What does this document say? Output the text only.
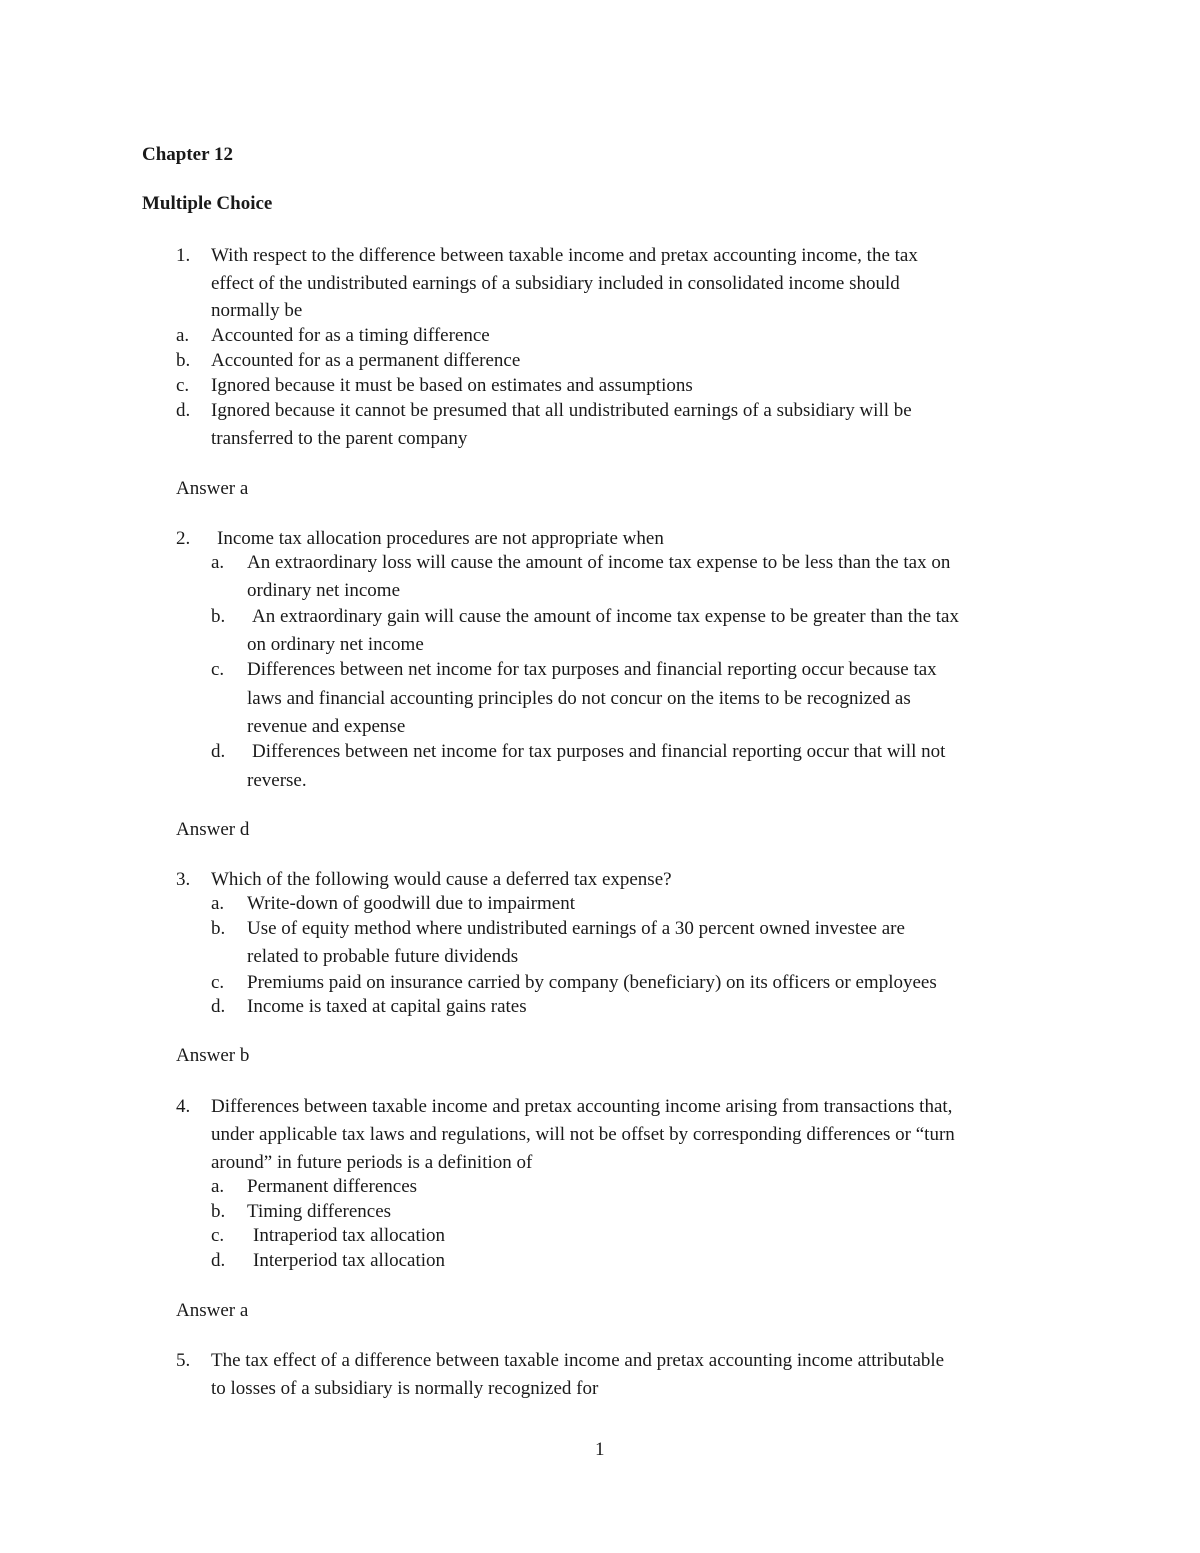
Chapter 12
Multiple Choice
1. With respect to the difference between taxable income and pretax accounting income, the tax
effect of the undistributed earnings of a subsidiary included in consolidated income should
normally be
a. Accounted for as a timing difference
b. Accounted for as a permanent difference
c. Ignored because it must be based on estimates and assumptions
d. Ignored because it cannot be presumed that all undistributed earnings of a subsidiary will be
transferred to the parent company
Answer a
2. Income tax allocation procedures are not appropriate when
a. An extraordinary loss will cause the amount of income tax expense to be less than the tax on
ordinary net income
b. An extraordinary gain will cause the amount of income tax expense to be greater than the tax
on ordinary net income
c. Differences between net income for tax purposes and financial reporting occur because tax
laws and financial accounting principles do not concur on the items to be recognized as
revenue and expense
d. Differences between net income for tax purposes and financial reporting occur that will not
reverse.
Answer d
3. Which of the following would cause a deferred tax expense?
a. Write-down of goodwill due to impairment
b. Use of equity method where undistributed earnings of a 30 percent owned investee are
related to probable future dividends
c. Premiums paid on insurance carried by company (beneficiary) on its officers or employees
d. Income is taxed at capital gains rates
Answer b
4. Differences between taxable income and pretax accounting income arising from transactions that,
under applicable tax laws and regulations, will not be offset by corresponding differences or “turn
around” in future periods is a definition of
a. Permanent differences
b. Timing differences
c. Intraperiod tax allocation
d. Interperiod tax allocation
Answer a
5. The tax effect of a difference between taxable income and pretax accounting income attributable
to losses of a subsidiary is normally recognized for
1
